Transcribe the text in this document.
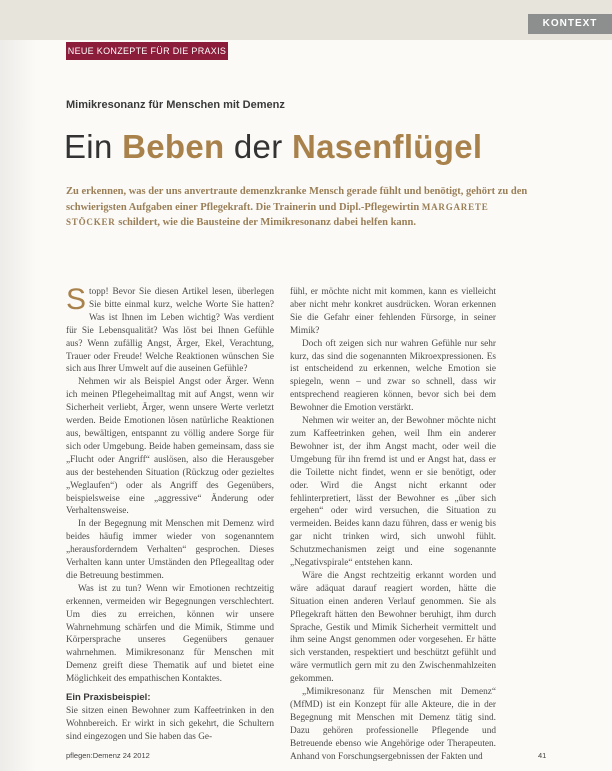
KONTEXT
NEUE KONZEPTE FÜR DIE PRAXIS
Mimikresonanz für Menschen mit Demenz
Ein Beben der Nasenflügel
Zu erkennen, was der uns anvertraute demenzkranke Mensch gerade fühlt und benötigt, gehört zu den schwierigsten Aufgaben einer Pflegekraft. Die Trainerin und Dipl.-Pflegewirtin MARGARETE STÖCKER schildert, wie die Bausteine der Mimikresonanz dabei helfen kann.

Stopp! Bevor Sie diesen Artikel lesen, überlegen Sie bitte einmal kurz, welche Worte Sie hatten? Was ist Ihnen im Leben wichtig? Was verdient für Sie Lebensqualität? Was löst bei Ihnen Gefühle aus? Wenn zufällig Angst, Ärger, Ekel, Verachtung, Trauer oder Freude! Welche Reaktionen wünschen Sie sich aus Ihrer Umwelt auf die auseinen Gefühle?

Nehmen wir als Beispiel Angst oder Ärger. Wenn ich meinen Pflegeheimalltag mit auf Angst, wenn wir Sicherheit verliebt, Ärger, wenn unsere Werte verletzt werden. Beide Emotionen lösen natürliche Reaktionen aus, bewältigen, entspannt zu völlig andere Sorge für sich oder Umgebung. Beide haben gemeinsam, dass sie „Flucht oder Angriff“ auslösen, also die Herausgeber aus der bestehenden Situation (Rückzug oder gezieltes „Weglaufen“) oder als Angriff des Gegenübers, beispielsweise eine „aggressive“ Änderung oder Verhaltensweise.

In der Begegnung mit Menschen mit Demenz wird beides häufig immer wieder von sogenanntem „herausforderndem Verhalten“ gesprochen. Dieses Verhalten kann unter Umständen den Pflegealltag oder die Betreuung bestimmen.

Was ist zu tun? Wenn wir Emotionen rechtzeitig erkennen, vermeiden wir Begegnungen verschlechtert. Um dies zu erreichen, können wir unsere Wahrnehmung schärfen und die Mimik, Stimme und Körpersprache unseres Gegenübers genauer wahrnehmen. Mimikresonanz für Menschen mit Demenz greift diese Thematik auf und bietet eine Möglichkeit des empathischen Kontaktes.

Ein Praxisbeispiel:

Sie sitzen einen Bewohner zum Kaffeetrinken in den Wohnbereich. Er wirkt in sich gekehrt, die Schultern sind eingezogen und Sie haben das Ge-

fühl, er möchte nicht mit kommen, kann es vielleicht aber nicht mehr konkret ausdrücken. Woran erkennen Sie die Gefahr einer fehlenden Fürsorge, in seiner Mimik?

Doch oft zeigen sich nur wahren Gefühle nur sehr kurz, das sind die sogenannten Mikroexpressionen. Es ist entscheidend zu erkennen, welche Emotion sie spiegeln, wenn – und zwar so schnell, dass wir entsprechend reagieren können, bevor sich bei dem Bewohner die Emotion verstärkt.

Nehmen wir weiter an, der Bewohner möchte nicht zum Kaffeetrinken gehen, weil Ihm ein anderer Bewohner ist, der ihm Angst macht, oder weil die Umgebung für ihn fremd ist und er Angst hat, dass er die Toilette nicht findet, wenn er sie benötigt, oder oder. Wird die Angst nicht erkannt oder fehlinterpretiert, lässt der Bewohner es „über sich ergehen“ oder wird versuchen, die Situation zu vermeiden. Beides kann dazu führen, dass er wenig bis gar nicht trinken wird, sich unwohl fühlt. Schutzmechanismen zeigt und eine sogenannte „Negativspirale“ entstehen kann.

Wäre die Angst rechtzeitig erkannt worden und wäre adäquat darauf reagiert worden, hätte die Situation einen anderen Verlauf genommen. Sie als Pflegekraft hätten den Bewohner beruhigt, ihm durch Sprache, Gestik und Mimik Sicherheit vermittelt und ihm seine Angst genommen oder vorgesehen. Er hätte sich verstanden, respektiert und beschützt gefühlt und wäre vermutlich gern mit zu den Zwischenmahlzeiten gekommen.

„Mimikresonanz für Menschen mit Demenz“ (MfMD) ist ein Konzept für alle Akteure, die in der Begegnung mit Menschen mit Demenz tätig sind. Dazu gehören professionelle Pflegende und Betreuende ebenso wie Angehörige oder Therapeuten. Anhand von Forschungsergebnissen der Fakten und

pflegen:Demenz 24 2012	41
